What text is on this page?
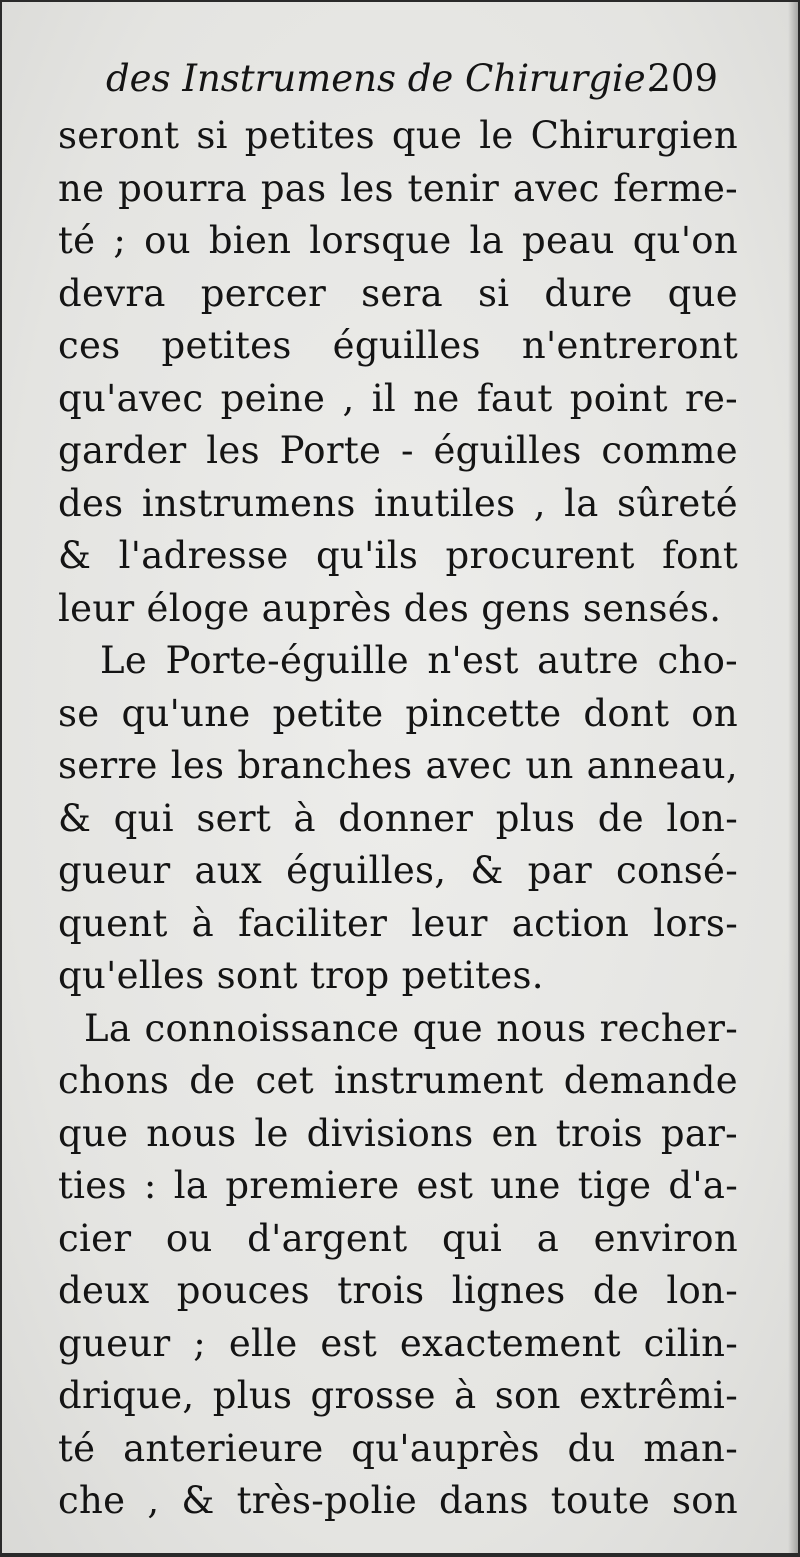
des Instrumens de Chirurgie.
209
seront si petites que le Chirurgien
ne pourra pas les tenir avec ferme-
té ; ou bien lorsque la peau qu'on
devra percer sera si dure que
ces petites éguilles n'entreront
qu'avec peine , il ne faut point re-
garder les Porte - éguilles comme
des instrumens inutiles , la sûreté
& l'adresse qu'ils procurent font
leur éloge auprès des gens sensés.
Le Porte-éguille n'est autre cho-
se qu'une petite pincette dont on
serre les branches avec un anneau,
& qui sert à donner plus de lon-
gueur aux éguilles, & par consé-
quent à faciliter leur action lors-
qu'elles sont trop petites.
La connoissance que nous recher-
chons de cet instrument demande
que nous le divisions en trois par-
ties : la premiere est une tige d'a-
cier ou d'argent qui a environ
deux pouces trois lignes de lon-
gueur ; elle est exactement cilin-
drique, plus grosse à son extrêmi-
té anterieure qu'auprès du man-
che , & très-polie dans toute son
